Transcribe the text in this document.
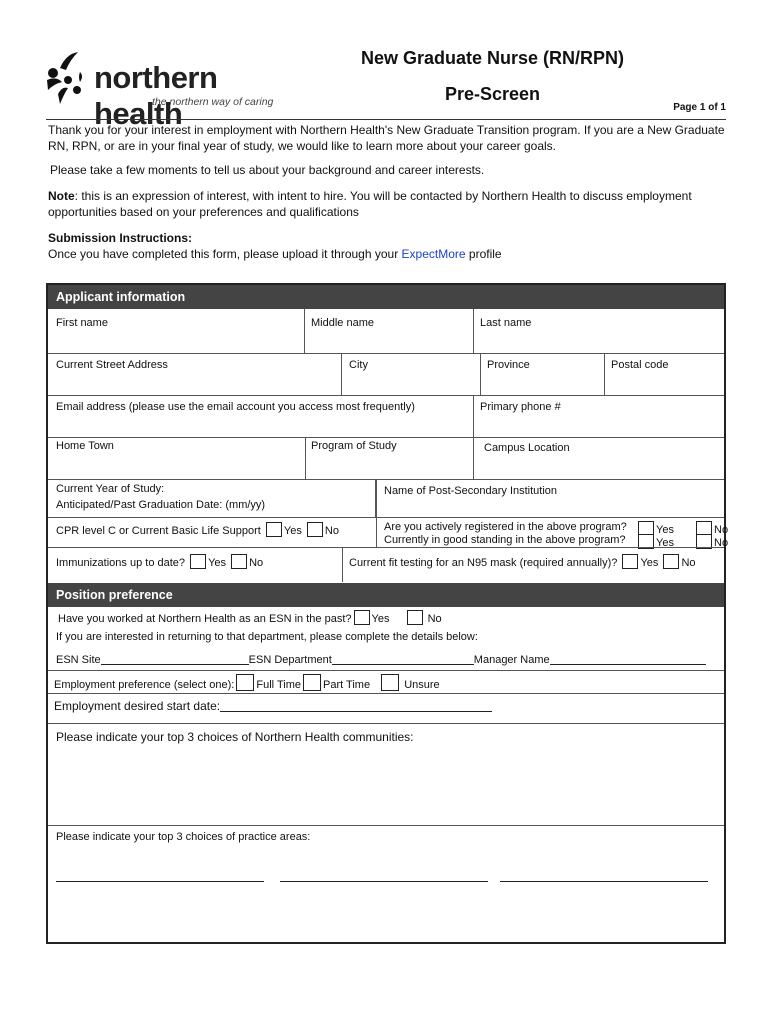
northern health
the northern way of caring
New Graduate Nurse (RN/RPN)
Pre-Screen
Page 1 of 1
Thank you for your interest in employment with Northern Health's New Graduate Transition program. If you are a New Graduate RN, RPN, or are in your final year of study, we would like to learn more about your career goals.
Please take a few moments to tell us about your background and career interests.
Note: this is an expression of interest, with intent to hire. You will be contacted by Northern Health to discuss employment opportunities based on your preferences and qualifications
Submission Instructions:
Once you have completed this form, please upload it through your ExpectMore profile
Applicant information
First name	Middle name	Last name
Current Street Address	City	Province	Postal code
Email address (please use the email account you access most frequently)	Primary phone #
Home Town	Program of Study	Campus Location
Current Year of Study:
Anticipated/Past Graduation Date: (mm/yy)
Name of Post-Secondary Institution
CPR level C or Current Basic Life Support Yes No	Are you actively registered in the above program?	Yes	No
Currently in good standing in the above program?	Yes	No
Immunizations up to date? Yes No	Current fit testing for an N95 mask (required annually)? Yes No
Position preference
Have you worked at Northern Health as an ESN in the past? Yes	No
If you are interested in returning to that department, please complete the details below:
ESN Site	ESN Department	Manager Name
Employment preference (select one): Full Time Part Time	Unsure
Employment desired start date:
Please indicate your top 3 choices of Northern Health communities:
Please indicate your top 3 choices of practice areas:
